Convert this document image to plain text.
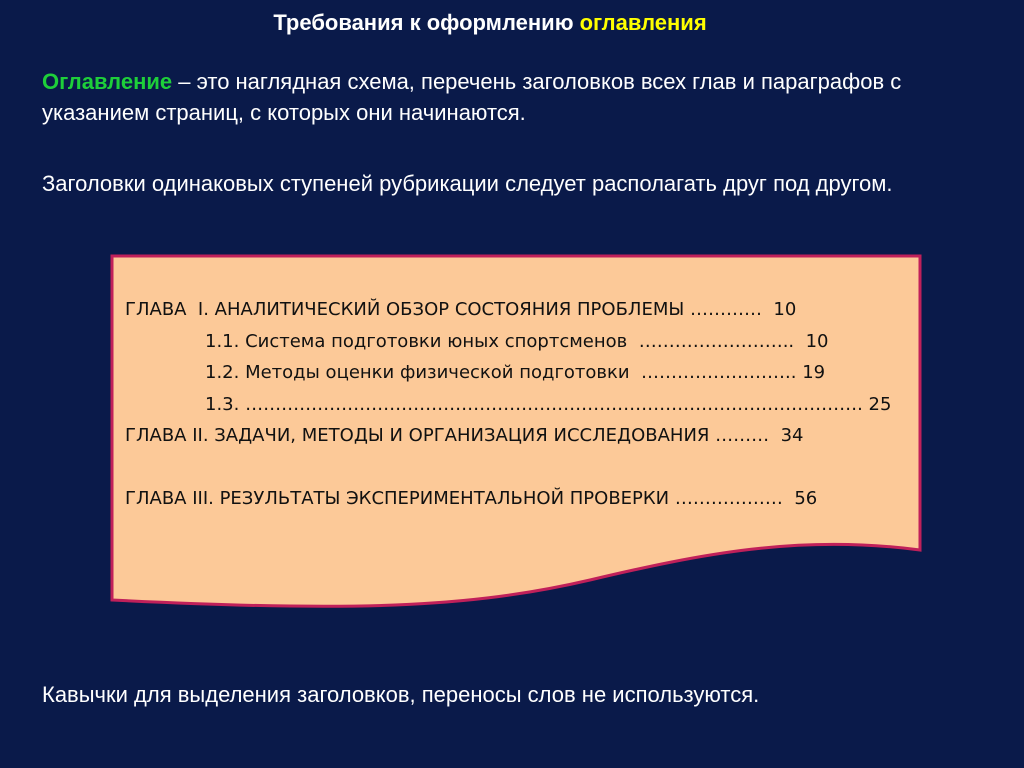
Требования к оформлению оглавления
Оглавление – это наглядная схема, перечень заголовков всех глав и параграфов с указанием страниц, с которых они начинаются.
Заголовки одинаковых ступеней рубрикации следует располагать друг под другом.
ГЛАВА  I. АНАЛИТИЧЕСКИЙ ОБЗОР СОСТОЯНИЯ ПРОБЛЕМЫ …………  10
1.1. Система подготовки юных спортсменов  ……………………..  10
1.2. Методы оценки физической подготовки  …………………….. 19
1.3. …………………………………………………………………………………………. 25
ГЛАВА II. ЗАДАЧИ, МЕТОДЫ И ОРГАНИЗАЦИЯ ИССЛЕДОВАНИЯ ………  34
ГЛАВА III. РЕЗУЛЬТАТЫ ЭКСПЕРИМЕНТАЛЬНОЙ ПРОВЕРКИ ………………  56
Кавычки для выделения заголовков, переносы слов не используются.
